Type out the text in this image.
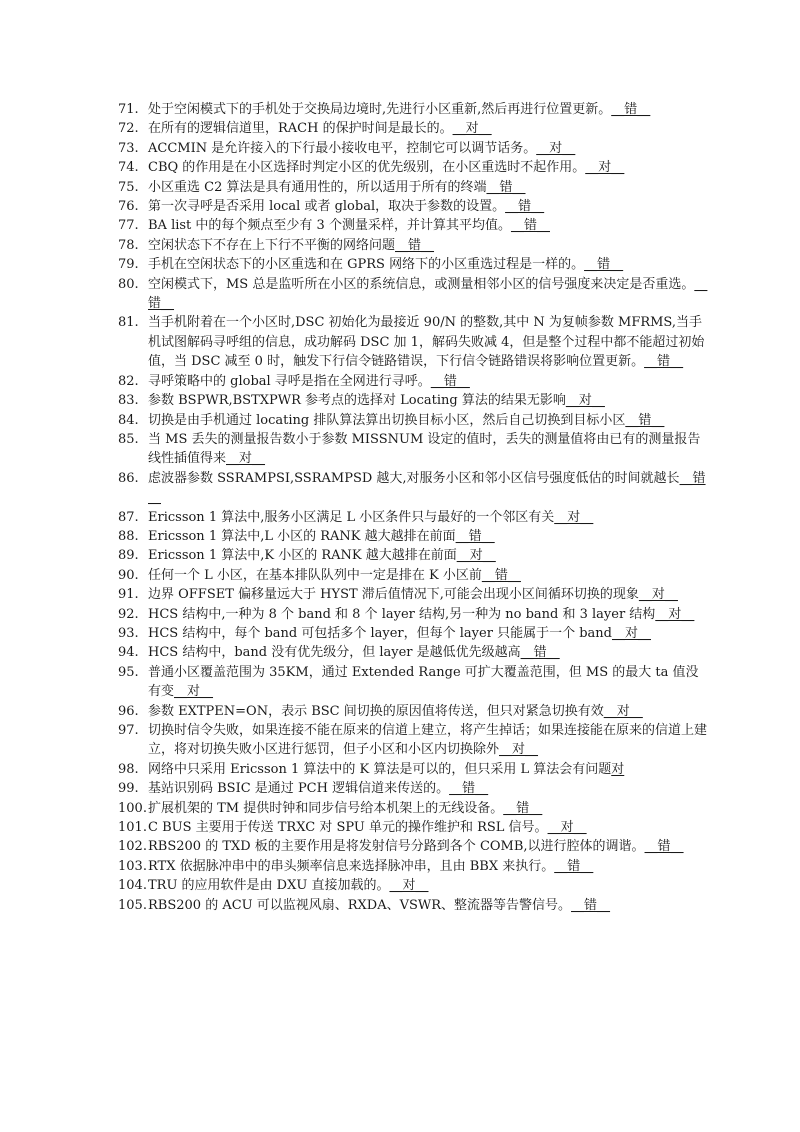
71. 处于空闲模式下的手机处于交换局边境时,先进行小区重新,然后再进行位置更新。__错__
72. 在所有的逻辑信道里，RACH 的保护时间是最长的。__对__
73. ACCMIN 是允许接入的下行最小接收电平，控制它可以调节话务。__对__
74. CBQ 的作用是在小区选择时判定小区的优先级别，在小区重选时不起作用。__对__
75. 小区重选 C2 算法是具有通用性的，所以适用于所有的终端__错__
76. 第一次寻呼是否采用 local 或者 global，取决于参数的设置。__错__
77. BA list 中的每个频点至少有 3 个测量采样，并计算其平均值。__错__
78. 空闲状态下不存在上下行不平衡的网络问题__错__
79. 手机在空闲状态下的小区重选和在 GPRS 网络下的小区重选过程是一样的。__错__
80. 空闲模式下，MS 总是监听所在小区的系统信息，或测量相邻小区的信号强度来决定是否重选。__错__
81. 当手机附着在一个小区时,DSC 初始化为最接近 90/N 的整数,其中 N 为复帧参数 MFRMS,当手机试图解码寻呼组的信息，成功解码 DSC 加 1，解码失败减 4，但是整个过程中都不能超过初始值，当 DSC 减至 0 时，触发下行信令链路错误，下行信令链路错误将影响位置更新。__错__
82. 寻呼策略中的 global 寻呼是指在全网进行寻呼。__错__
83. 参数 BSPWR,BSTXPWR 参考点的选择对 Locating 算法的结果无影响__对__
84. 切换是由手机通过 locating 排队算法算出切换目标小区，然后自己切换到目标小区__错__
85. 当 MS 丢失的测量报告数小于参数 MISSNUM 设定的值时，丢失的测量值将由已有的测量报告线性插值得来__对__
86. 虑波器参数 SSRAMPSI,SSRAMPSD 越大,对服务小区和邻小区信号强度低估的时间就越长__错__
87. Ericsson 1 算法中,服务小区满足 L 小区条件只与最好的一个邻区有关__对__
88. Ericsson 1 算法中,L 小区的 RANK 越大越排在前面__错__
89. Ericsson 1 算法中,K 小区的 RANK 越大越排在前面__对__
90. 任何一个 L 小区，在基本排队队列中一定是排在 K 小区前__错__
91. 边界 OFFSET 偏移量远大于 HYST 滞后值情况下,可能会出现小区间循环切换的现象__对__
92. HCS 结构中,一种为 8 个 band 和 8 个 layer 结构,另一种为 no band 和 3 layer 结构__对__
93. HCS 结构中，每个 band 可包括多个 layer，但每个 layer 只能属于一个 band__对__
94. HCS 结构中，band 没有优先级分，但 layer 是越低优先级越高__错__
95. 普通小区覆盖范围为 35KM，通过 Extended Range 可扩大覆盖范围，但 MS 的最大 ta 值没有变__对__
96. 参数 EXTPEN=ON，表示 BSC 间切换的原因值将传送，但只对紧急切换有效__对__
97. 切换时信令失败，如果连接不能在原来的信道上建立，将产生掉话；如果连接能在原来的信道上建立，将对切换失败小区进行惩罚，但子小区和小区内切换除外__对__
98. 网络中只采用 Ericsson 1 算法中的 K 算法是可以的，但只采用 L 算法会有问题对
99. 基站识别码 BSIC 是通过 PCH 逻辑信道来传送的。__错__
100. 扩展机架的 TM 提供时钟和同步信号给本机架上的无线设备。__错__
101. C BUS 主要用于传送 TRXC 对 SPU 单元的操作维护和 RSL 信号。__对__
102. RBS200 的 TXD 板的主要作用是将发射信号分路到各个 COMB,以进行腔体的调谐。__错__
103. RTX 依据脉冲串中的串头频率信息来选择脉冲串，且由 BBX 来执行。__错__
104. TRU 的应用软件是由 DXU 直接加载的。__对__
105. RBS200 的 ACU 可以监视风扇、RXDA、VSWR、整流器等告警信号。__错__
